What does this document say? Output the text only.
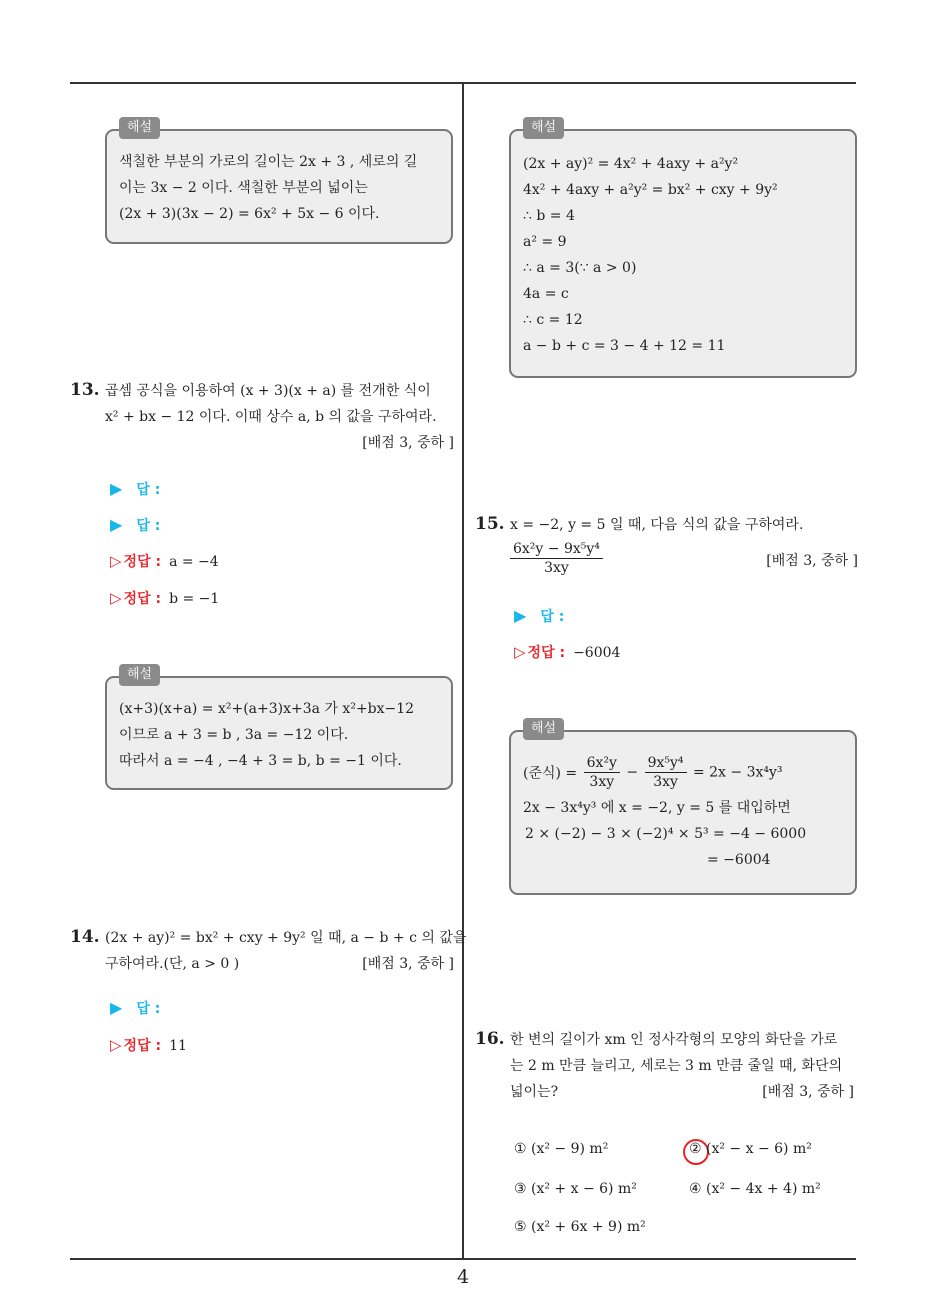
해설
색칠한 부분의 가로의 길이는 2x + 3 , 세로의 길
이는 3x − 2 이다. 색칠한 부분의 넓이는
(2x + 3)(3x − 2) = 6x² + 5x − 6 이다.
13. 곱셈 공식을 이용하여 (x + 3)(x + a) 를 전개한 식이
x² + bx − 12 이다. 이때 상수 a, b 의 값을 구하여라.
[배점 3, 중하 ]
▶ 답 :
▶ 답 :
▷ 정답 : a = −4
▷ 정답 : b = −1
해설
(x+3)(x+a) = x²+(a+3)x+3a 가 x²+bx−12
이므로 a + 3 = b , 3a = −12 이다.
따라서 a = −4 , −4 + 3 = b, b = −1 이다.
14. (2x + ay)² = bx² + cxy + 9y² 일 때, a − b + c 의 값을
구하여라.(단, a > 0 )	[배점 3, 중하 ]
▶ 답 :
▷ 정답 : 11
해설
(2x + ay)² = 4x² + 4axy + a²y²
4x² + 4axy + a²y² = bx² + cxy + 9y²
∴ b = 4
a² = 9
∴ a = 3(∵ a > 0)
4a = c
∴ c = 12
a − b + c = 3 − 4 + 12 = 11
15. x = −2, y = 5 일 때, 다음 식의 값을 구하여라.
$\frac{\text{6x²y − 9x⁵y⁴}}{3xy}$	[배점 3, 중하 ]
▶ 답 :
▷ 정답 : −6004
해설
(준식) = $\frac{\text{6x²y}}{3xy} - \frac{\text{9x⁵y⁴}}{3xy} = 2x - 3x^4y^3$
2x − 3x⁴y³ 에 x = −2, y = 5 를 대입하면
2 × (−2) − 3 × (−2)⁴ × 5³ = −4 − 6000
= −6004
16. 한 변의 길이가 xm 인 정사각형의 모양의 화단을 가로
는 2 m 만큼 늘리고, 세로는 3 m 만큼 줄일 때, 화단의
넓이는?	[배점 3, 중하 ]
① (x² − 9) m²	② (x² − x − 6) m²
③ (x² + x − 6) m²	④ (x² − 4x + 4) m²
⑤ (x² + 6x + 9) m²
4
